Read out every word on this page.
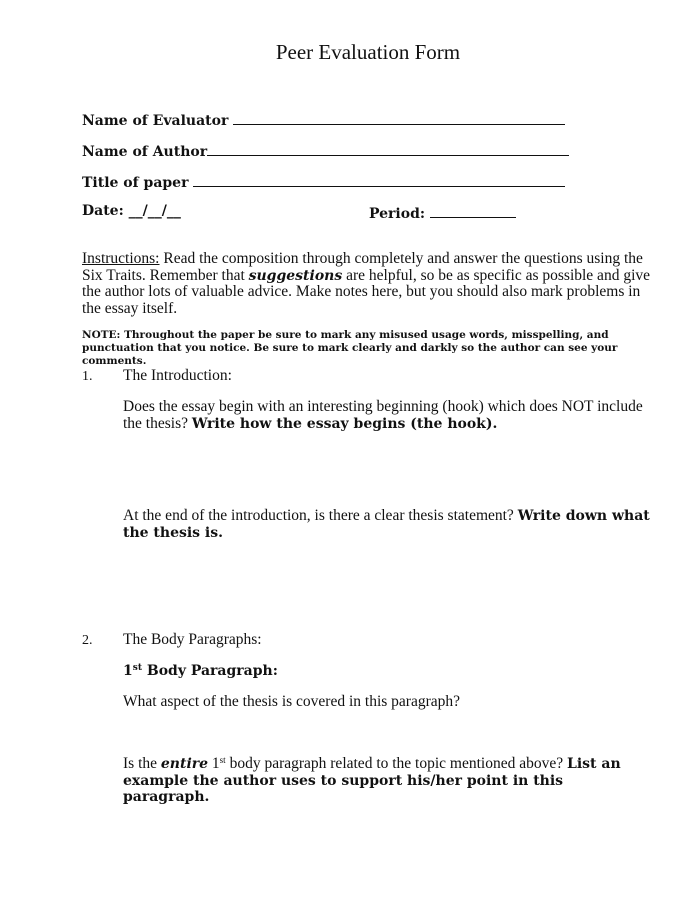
Peer Evaluation Form
Name of Evaluator
Name of Author
Title of paper
Date: __/__/__	Period:
Instructions: Read the composition through completely and answer the questions using the Six Traits. Remember that suggestions are helpful, so be as specific as possible and give the author lots of valuable advice. Make notes here, but you should also mark problems in the essay itself.
NOTE: Throughout the paper be sure to mark any misused usage words, misspelling, and punctuation that you notice. Be sure to mark clearly and darkly so the author can see your comments.
1. The Introduction:
Does the essay begin with an interesting beginning (hook) which does NOT include the thesis? Write how the essay begins (the hook).
At the end of the introduction, is there a clear thesis statement? Write down what the thesis is.
2. The Body Paragraphs:
1st Body Paragraph:
What aspect of the thesis is covered in this paragraph?
Is the entire 1st body paragraph related to the topic mentioned above? List an example the author uses to support his/her point in this paragraph.
